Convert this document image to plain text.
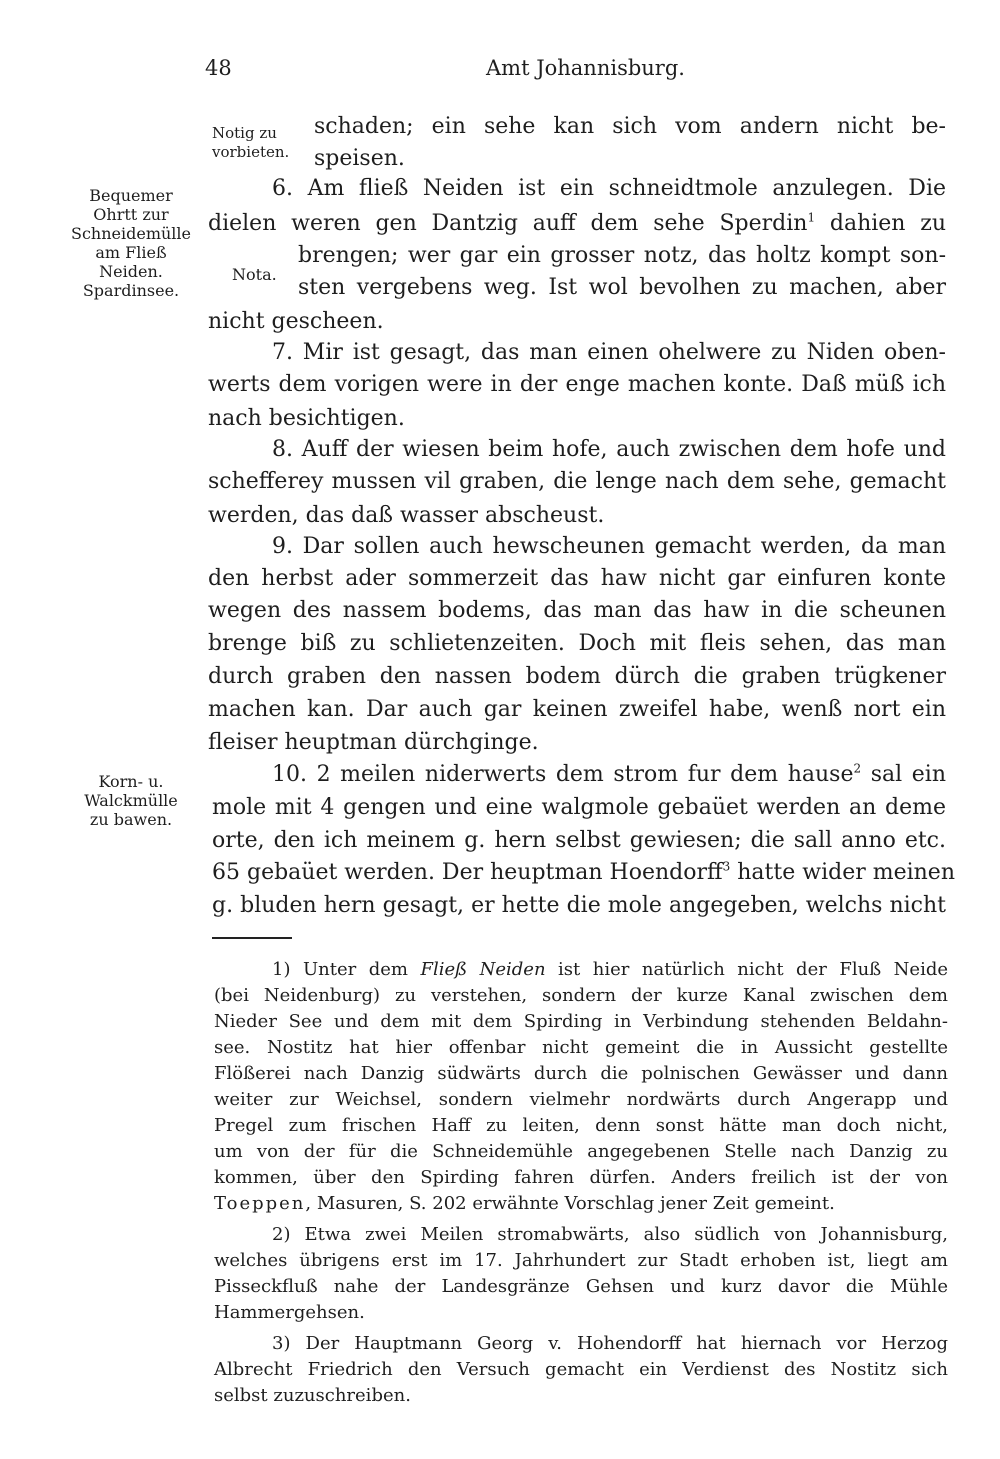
48	Amt Johannisburg.
Notig zu
vorbieten.
Bequemer
Ohrtt zur
Schneidemülle
am Fließ
Neiden.
Spardinsee.
Nota.
Korn- u.
Walckmülle
zu bawen.
schaden; ein sehe kan sich vom andern nicht be-
speisen.
6. Am fließ Neiden ist ein schneidtmole anzulegen. Die
dielen weren gen Dantzig auff dem sehe Sperdin$^1$ dahien zu
brengen; wer gar ein grosser notz, das holtz kompt son-
sten vergebens weg. Ist wol bevolhen zu machen, aber
nicht gescheen.
7. Mir ist gesagt, das man einen ohelwere zu Niden oben-
werts dem vorigen were in der enge machen konte. Daß müß ich
nach besichtigen.
8. Auff der wiesen beim hofe, auch zwischen dem hofe und
schefferey mussen vil graben, die lenge nach dem sehe, gemacht
werden, das daß wasser abscheust.
9. Dar sollen auch hewscheunen gemacht werden, da man
den herbst ader sommerzeit das haw nicht gar einfuren konte
wegen des nassem bodems, das man das haw in die scheunen
brenge biß zu schlietenzeiten. Doch mit fleis sehen, das man
durch graben den nassen bodem dürch die graben trügkener
machen kan. Dar auch gar keinen zweifel habe, wenß nort ein
fleiser heuptman dürchginge.
10. 2 meilen niderwerts dem strom fur dem hause$^2$ sal ein
mole mit 4 gengen und eine walgmole gebaüet werden an deme
orte, den ich meinem g. hern selbst gewiesen; die sall anno etc.
65 gebaüet werden. Der heuptman Hoendorff$^3$ hatte wider meinen
g. bluden hern gesagt, er hette die mole angegeben, welchs nicht
1) Unter dem Fließ Neiden ist hier natürlich nicht der Fluß Neide
(bei Neidenburg) zu verstehen, sondern der kurze Kanal zwischen dem
Nieder See und dem mit dem Spirding in Verbindung stehenden Beldahn-
see. Nostitz hat hier offenbar nicht gemeint die in Aussicht gestellte
Flößerei nach Danzig südwärts durch die polnischen Gewässer und dann
weiter zur Weichsel, sondern vielmehr nordwärts durch Angerapp und
Pregel zum frischen Haff zu leiten, denn sonst hätte man doch nicht,
um von der für die Schneidemühle angegebenen Stelle nach Danzig zu
kommen, über den Spirding fahren dürfen. Anders freilich ist der von
Toeppen, Masuren, S. 202 erwähnte Vorschlag jener Zeit gemeint.
2) Etwa zwei Meilen stromabwärts, also südlich von Johannisburg,
welches übrigens erst im 17. Jahrhundert zur Stadt erhoben ist, liegt am
Pisseckfluß nahe der Landesgränze Gehsen und kurz davor die Mühle
Hammergehsen.
3) Der Hauptmann Georg v. Hohendorff hat hiernach vor Herzog
Albrecht Friedrich den Versuch gemacht ein Verdienst des Nostitz sich
selbst zuzuschreiben.
